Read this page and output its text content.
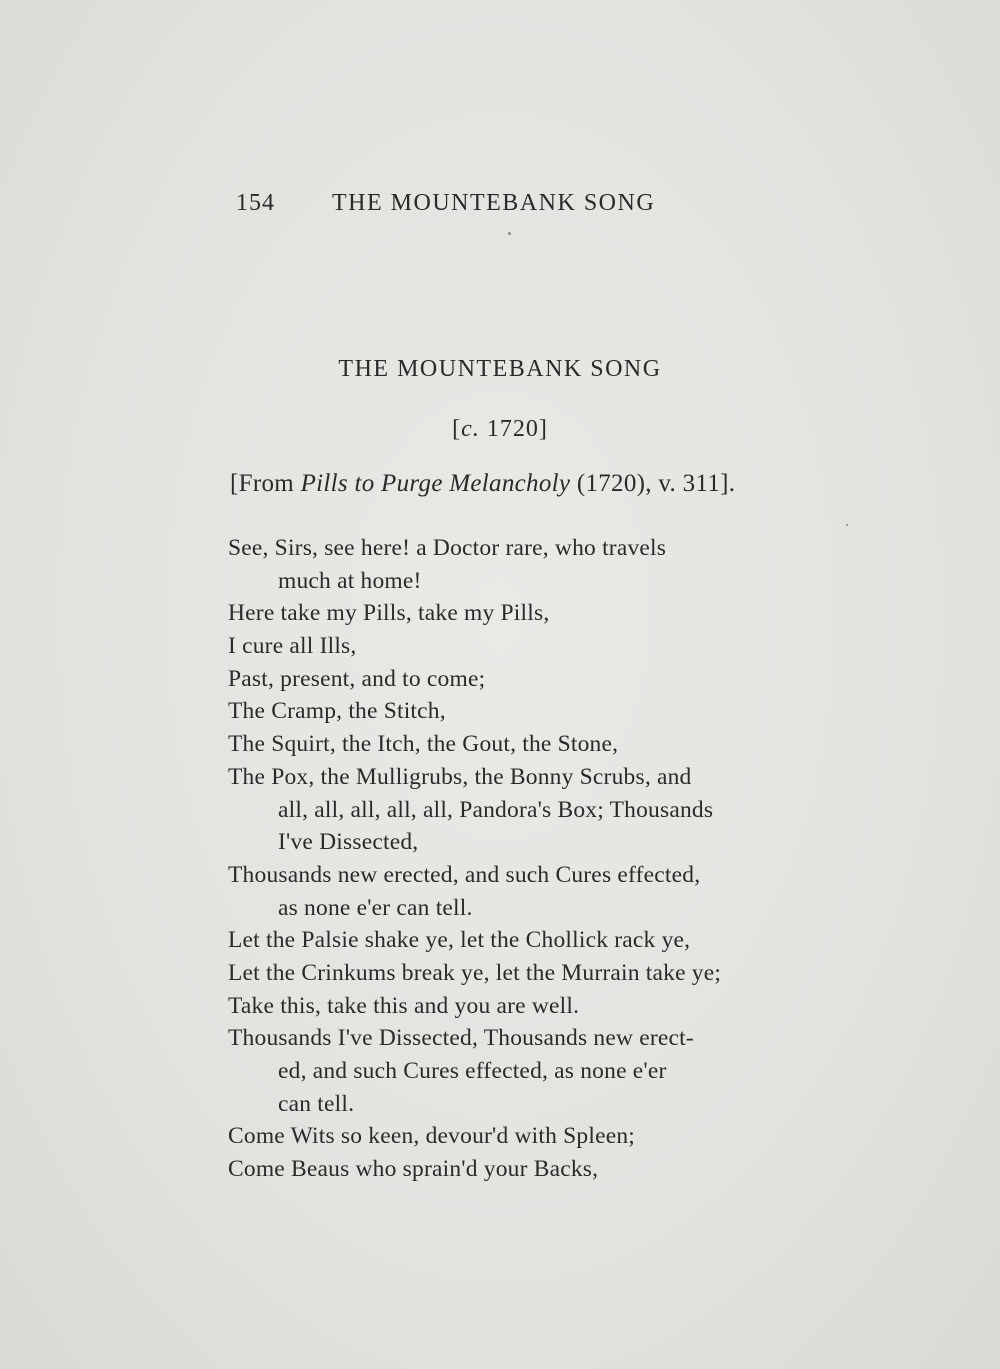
154 THE MOUNTEBANK SONG
THE MOUNTEBANK SONG
[c. 1720]
[From Pills to Purge Melancholy (1720), v. 311].
See, Sirs, see here! a Doctor rare, who travels
much at home!
Here take my Pills, take my Pills,
I cure all Ills,
Past, present, and to come;
The Cramp, the Stitch,
The Squirt, the Itch, the Gout, the Stone,
The Pox, the Mulligrubs, the Bonny Scrubs, and
all, all, all, all, all, Pandora's Box; Thousands
I've Dissected,
Thousands new erected, and such Cures effected,
as none e'er can tell.
Let the Palsie shake ye, let the Chollick rack ye,
Let the Crinkums break ye, let the Murrain take ye;
Take this, take this and you are well.
Thousands I've Dissected, Thousands new erect-
ed, and such Cures effected, as none e'er
can tell.
Come Wits so keen, devour'd with Spleen;
Come Beaus who sprain'd your Backs,
